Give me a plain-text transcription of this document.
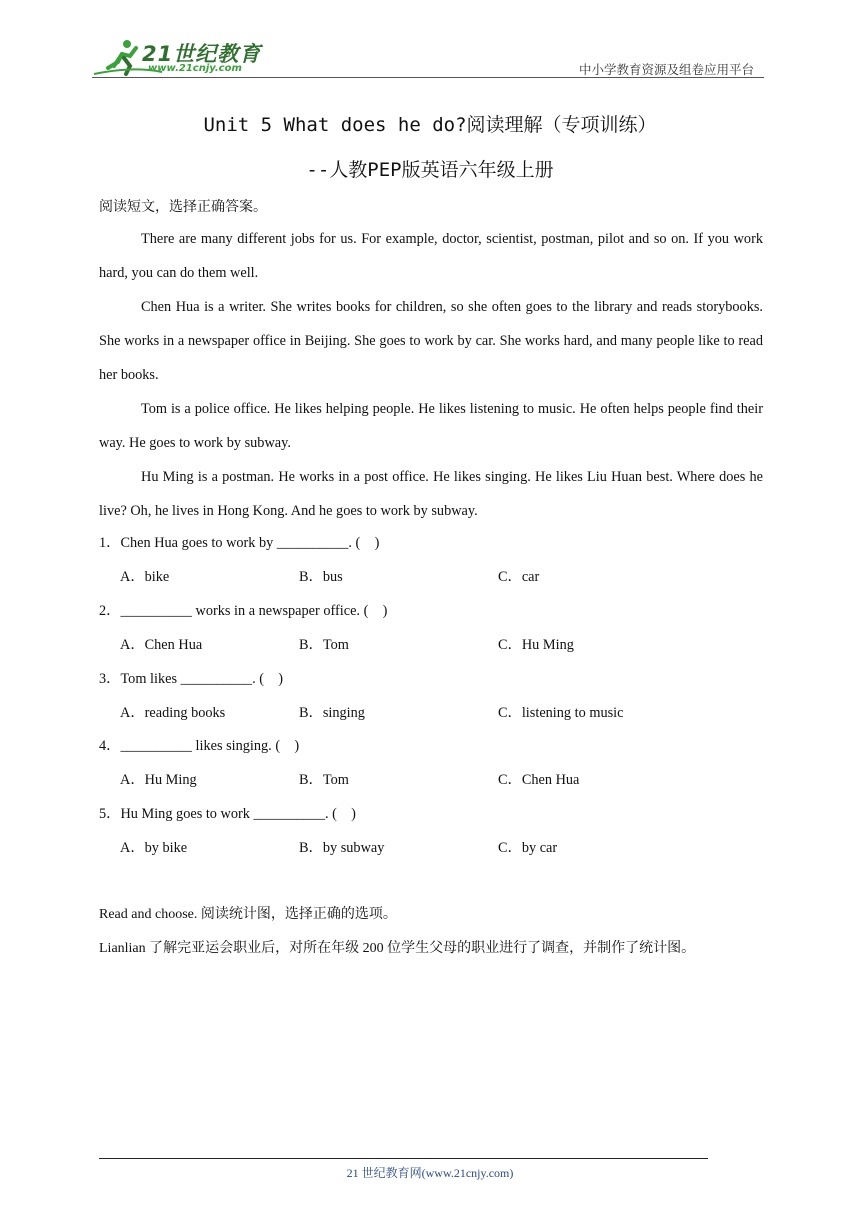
21世纪教育
www.21cnjy.com	中小学教育资源及组卷应用平台
Unit 5 What does he do?阅读理解（专项训练）
--人教PEP版英语六年级上册
阅读短文，选择正确答案。

There are many different jobs for us. For example, doctor, scientist, postman, pilot and so on. If you work hard, you can do them well.

Chen Hua is a writer. She writes books for children, so she often goes to the library and reads storybooks. She works in a newspaper office in Beijing. She goes to work by car. She works hard, and many people like to read her books.

Tom is a police office. He likes helping people. He likes listening to music. He often helps people find their way. He goes to work by subway.

Hu Ming is a postman. He works in a post office. He likes singing. He likes Liu Huan best. Where does he live? Oh, he lives in Hong Kong. And he goes to work by subway.

1．Chen Hua goes to work by __________. (    )
A．bike	B．bus	C．car
2．__________ works in a newspaper office. (    )
A．Chen Hua	B．Tom	C．Hu Ming
3．Tom likes __________. (    )
A．reading books	B．singing	C．listening to music
4．__________ likes singing. (    )
A．Hu Ming	B．Tom	C．Chen Hua
5．Hu Ming goes to work __________. (    )
A．by bike	B．by subway	C．by car
Read and choose. 阅读统计图，选择正确的选项。
Lianlian 了解完亚运会职业后，对所在年级 200 位学生父母的职业进行了调查，并制作了统计图。
21 世纪教育网(www.21cnjy.com)
